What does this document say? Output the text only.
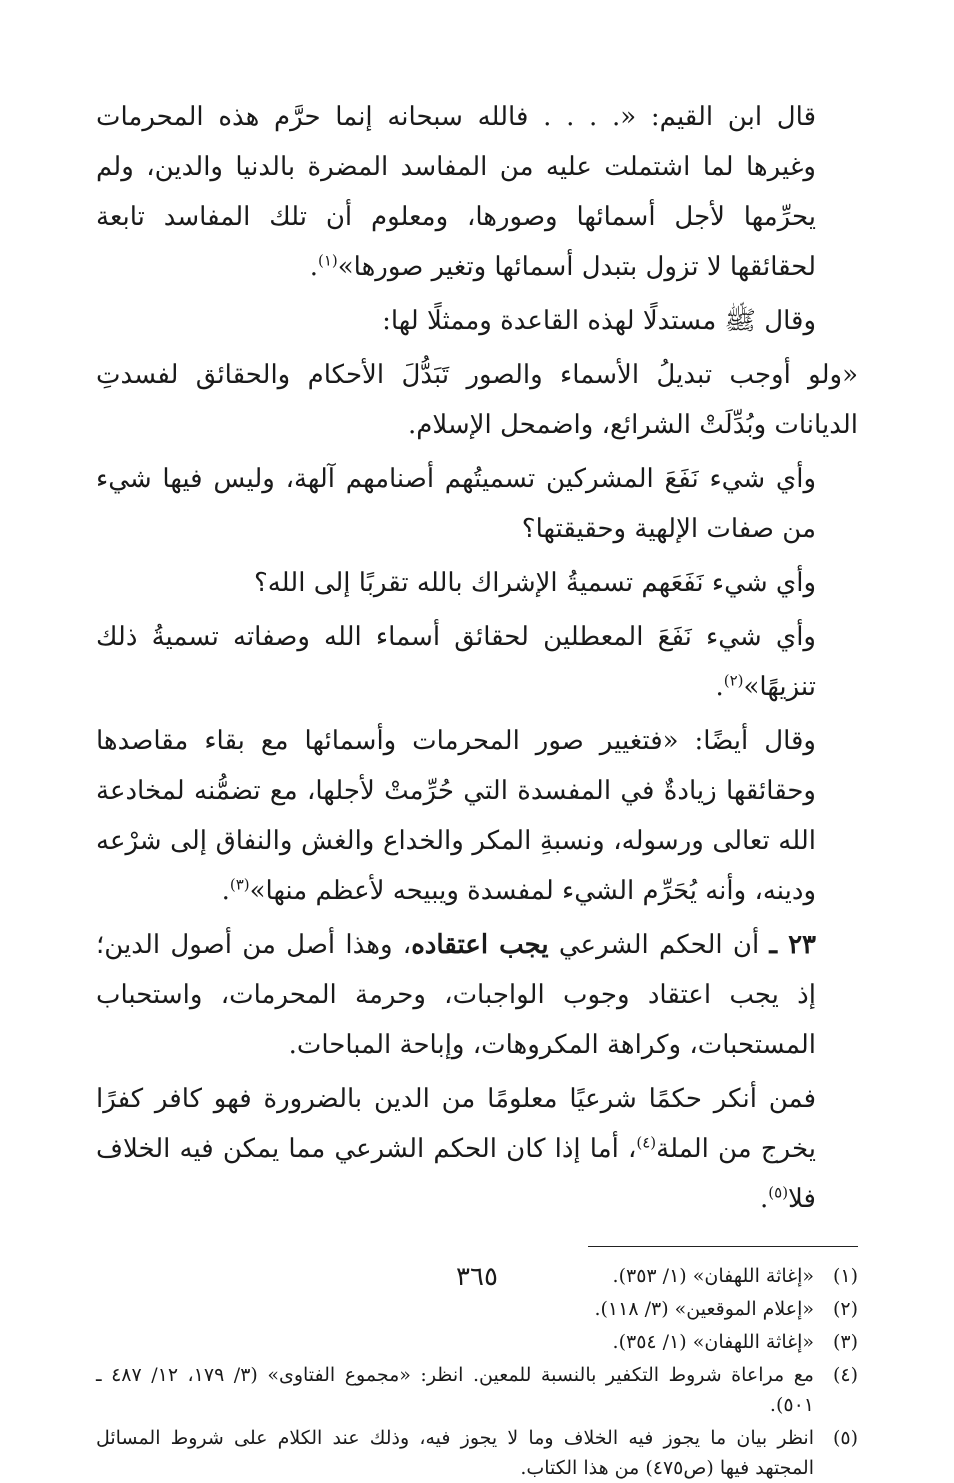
قال ابن القيم: «. . . . فالله سبحانه إنما حرَّم هذه المحرمات وغيرها لما اشتملت عليه من المفاسد المضرة بالدنيا والدين، ولم يحرِّمها لأجل أسمائها وصورها، ومعلوم أن تلك المفاسد تابعة لحقائقها لا تزول بتبدل أسمائها وتغير صورها»$^{(١)}$.

وقال ﷺ مستدلًا لهذه القاعدة وممثلًا لها:

«ولو أوجب تبديلُ الأسماء والصور تَبَدُّلَ الأحكام والحقائق لفسدتِ الديانات وبُدِّلَتْ الشرائع، واضمحل الإسلام.

وأي شيء نَفَعَ المشركين تسميتُهم أصنامهم آلهة، وليس فيها شيء من صفات الإلهية وحقيقتها؟

وأي شيء نَفَعَهم تسميةُ الإشراك بالله تقربًا إلى الله؟

وأي شيء نَفَعَ المعطلين لحقائق أسماء الله وصفاته تسميةُ ذلك تنزيهًا»$^{(٢)}$.

وقال أيضًا: «فتغيير صور المحرمات وأسمائها مع بقاء مقاصدها وحقائقها زيادةٌ في المفسدة التي حُرِّمتْ لأجلها، مع تضمُّنه لمخادعة الله تعالى ورسوله، ونسبةِ المكر والخداع والغش والنفاق إلى شرْعه ودينه، وأنه يُحَرِّم الشيء لمفسدة ويبيحه لأعظم منها»$^{(٣)}$.

٢٣ ـ أن الحكم الشرعي يجب اعتقاده، وهذا أصل من أصول الدين؛ إذ يجب اعتقاد وجوب الواجبات، وحرمة المحرمات، واستحباب المستحبات، وكراهة المكروهات، وإباحة المباحات.

فمن أنكر حكمًا شرعيًا معلومًا من الدين بالضرورة فهو كافر كفرًا يخرج من الملة$^{(٤)}$، أما إذا كان الحكم الشرعي مما يمكن فيه الخلاف فلا$^{(٥)}$.

(١)
«إغاثة اللهفان» (١/ ٣٥٣).
(٢)
«إعلام الموقعين» (٣/ ١١٨).
(٣)
«إغاثة اللهفان» (١/ ٣٥٤).
(٤)
مع مراعاة شروط التكفير بالنسبة للمعين. انظر: «مجموع الفتاوى» (٣/ ١٧٩، ١٢/ ٤٨٧ ـ ٥٠١).
(٥)
انظر بيان ما يجوز فيه الخلاف وما لا يجوز فيه، وذلك عند الكلام على شروط المسائل المجتهد فيها (ص٤٧٥) من هذا الكتاب.
٣٦٥
